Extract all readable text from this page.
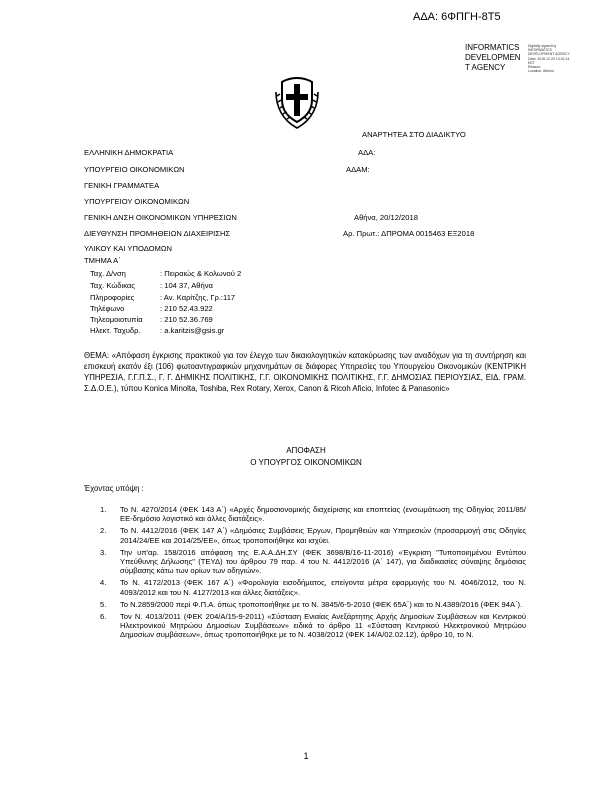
ΑΔΑ: 6ΦΠΓΗ-8Τ5
INFORMATICS
DEVELOPMEN
T AGENCY
Digitally signed by
INFORMATICS
DEVELOPMENT AGENCY
Date: 2018.12.20 13:31:14
EET
Reason:
Location: Athens
ΑΝΑΡΤΗΤΕΑ ΣΤΟ ΔΙΑΔΙΚΤΥΟ
ΕΛΛΗΝΙΚΗ ΔΗΜΟΚΡΑΤΙΑ	ΑΔΑ:
ΥΠΟΥΡΓΕΙΟ ΟΙΚΟΝΟΜΙΚΩΝ	ΑΔΑΜ:
ΓΕΝΙΚΗ ΓΡΑΜΜΑΤΕΑ
ΥΠΟΥΡΓΕΙΟΥ ΟΙΚΟΝΟΜΙΚΩΝ
ΓΕΝΙΚΗ ΔΝΣΗ ΟΙΚΟΝΟΜΙΚΩΝ ΥΠΗΡΕΣΙΩΝ	Αθήνα, 20/12/2018
ΔΙΕΥΘΥΝΣΗ ΠΡΟΜΗΘΕΙΩΝ ΔΙΑΧΕΙΡΙΣΗΣ	Αρ. Πρωτ.: ΔΠΡΟΜΑ 0015463 ΕΞ2018
ΥΛΙΚΟΥ ΚΑΙ ΥΠΟΔΟΜΩΝ
ΤΜΗΜΑ Α΄
Ταχ. Δ/νση	: Πειραιώς & Κολωνού 2
Ταχ. Κώδικας	: 104 37, Αθήνα
Πληροφορίες	: Αν. Καρίτζης, Γρ.:117
Τηλέφωνο	: 210 52.43.922
Τηλεομοιοτυπία : 210 52.36.769
Ηλεκτ. Ταχυδρ.	: a.karitzis@gsis.gr
ΘΕΜΑ: «Απόφαση έγκρισης πρακτικού για τον έλεγχο των δικαιολογητικών κατακύρωσης των αναδόχων για τη συντήρηση και επισκευή εκατόν έξι (106) φωτοαντιγραφικών μηχανημάτων σε διάφορες Υπηρεσίες του Υπουργείου Οικονομικών (ΚΕΝΤΡΙΚΗ ΥΠΗΡΕΣΙΑ, Γ.Γ.Π.Σ., Γ. Γ. ΔΗΜΙΚΗΣ ΠΟΛΙΤΙΚΗΣ, Γ.Γ. ΟΙΚΟΝΟΜΙΚΗΣ ΠΟΛΙΤΙΚΗΣ, Γ.Γ. ΔΗΜΟΣΙΑΣ ΠΕΡΙΟΥΣΙΑΣ, ΕΙΔ. ΓΡΑΜ. Σ.Δ.Ο.Ε.), τύπου Konica Minolta, Toshiba, Rex Rotary, Xerox, Canon & Ricoh Aficio, Infotec & Panasonic»
ΑΠΟΦΑΣΗ
Ο ΥΠΟΥΡΓΟΣ ΟΙΚΟΝΟΜΙΚΩΝ
Έχοντας υπόψη :
1. Το Ν. 4270/2014 (ΦΕΚ 143 Α΄) «Αρχές δημοσιονομικής διαχείρισης και εποπτείας (ενσωμάτωση της Οδηγίας 2011/85/ΕΕ-δημόσιο λογιστικό και άλλες διατάξεις».
2. Το Ν. 4412/2016 (ΦΕΚ 147 Α΄) «Δημόσιες Συμβάσεις Έργων, Προμηθειών και Υπηρεσιών (προσαρμογή στις Οδηγίες 2014/24/ΕΕ και 2014/25/ΕΕ», όπως τροποποιήθηκε και ισχύει.
3. Την υπ'αρ. 158/2016 απόφαση της Ε.Α.Α.ΔΗ.ΣΥ (ΦΕΚ 3698/Β/16-11-2016) «Έγκριση "Τυποποιημένου Εντύπου Υπεύθυνης Δήλωσης" (ΤΕΥΔ) του άρθρου 79 παρ. 4 του Ν. 4412/2016 (Α΄ 147), για διαδικασίες σύναψης δημόσιας σύμβασης κάτω των ορίων των οδηγιών».
4. Το Ν. 4172/2013 (ΦΕΚ 167 Α΄) «Φορολογία εισοδήματος, επείγοντα μέτρα εφαρμογής του Ν. 4046/2012, του Ν. 4093/2012 και του Ν. 4127/2013 και άλλες διατάξεις».
5. Το Ν.2859/2000 περί Φ.Π.Α. όπως τροποποιήθηκε με το Ν. 3845/6-5-2010 (ΦΕΚ 65Α΄) και το Ν.4389/2016 (ΦΕΚ 94Α΄).
6. Τον Ν. 4013/2011 (ΦΕΚ 204/Α/15-9-2011) «Σύσταση Ενιαίας Ανεξάρτητης Αρχής Δημοσίων Συμβάσεων και Κεντρικού Ηλεκτρονικού Μητρώου Δημοσίων Συμβάσεων» ειδικά το άρθρο 11 «Σύσταση Κεντρικού Ηλεκτρονικού Μητρώου Δημοσίων συμβάσεων», όπως τροποποιήθηκε με το Ν. 4038/2012 (ΦΕΚ 14/Α/02.02.12), άρθρο 10, το Ν.
1
